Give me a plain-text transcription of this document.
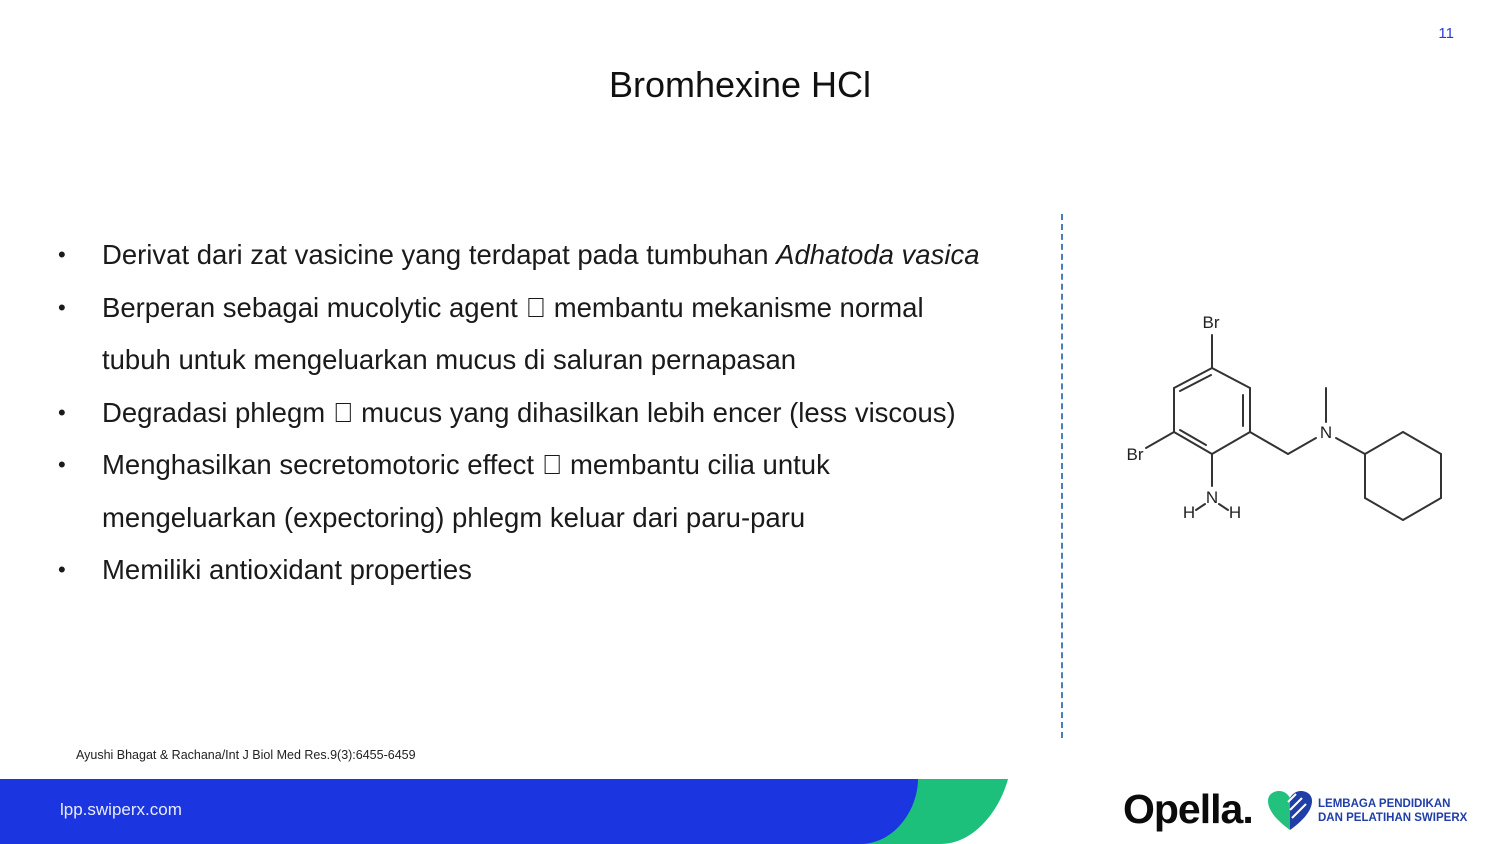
11
Bromhexine HCl
• Derivat dari zat vasicine yang terdapat pada tumbuhan Adhatoda vasica
• Berperan sebagai mucolytic agent membantu mekanisme normal tubuh untuk mengeluarkan mucus di saluran pernapasan
• Degradasi phlegm mucus yang dihasilkan lebih encer (less viscous)
• Menghasilkan secretomotoric effect membantu cilia untuk mengeluarkan (expectoring) phlegm keluar dari paru-paru
• Memiliki antioxidant properties
Br
Br
N
N
H H
Ayushi Bhagat & Rachana/Int J Biol Med Res.9(3):6455-6459
lpp.swiperx.com	Opella.	LEMBAGA PENDIDIKAN
DAN PELATIHAN SWIPERX
